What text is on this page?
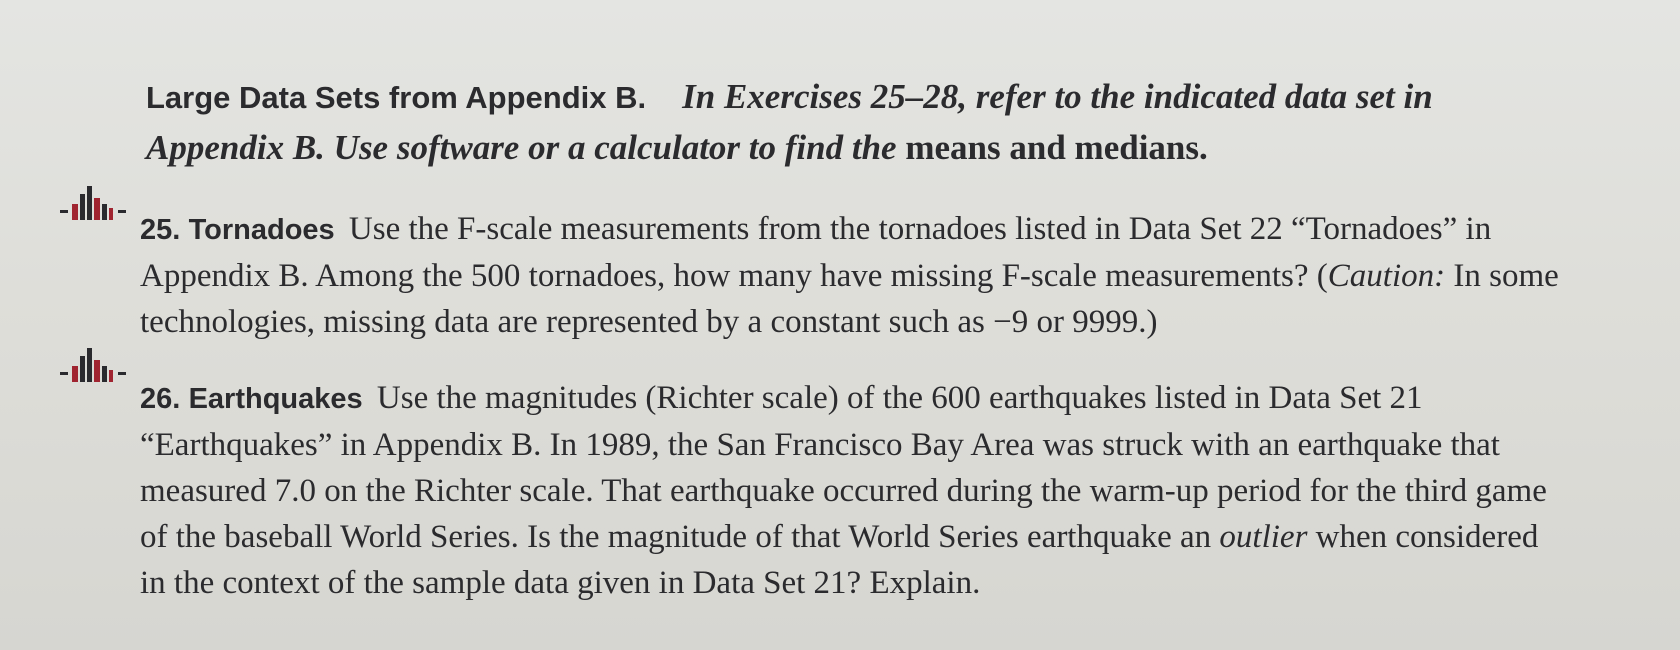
Large Data Sets from Appendix B. In Exercises 25–28, refer to the indicated data set in Appendix B. Use software or a calculator to find the means and medians.
25. Tornadoes Use the F-scale measurements from the tornadoes listed in Data Set 22 “Tornadoes” in Appendix B. Among the 500 tornadoes, how many have missing F-scale measurements? (Caution: In some technologies, missing data are represented by a constant such as −9 or 9999.)
26. Earthquakes Use the magnitudes (Richter scale) of the 600 earthquakes listed in Data Set 21 “Earthquakes” in Appendix B. In 1989, the San Francisco Bay Area was struck with an earthquake that measured 7.0 on the Richter scale. That earthquake occurred during the warm-up period for the third game of the baseball World Series. Is the magnitude of that World Series earthquake an outlier when considered in the context of the sample data given in Data Set 21? Explain.
